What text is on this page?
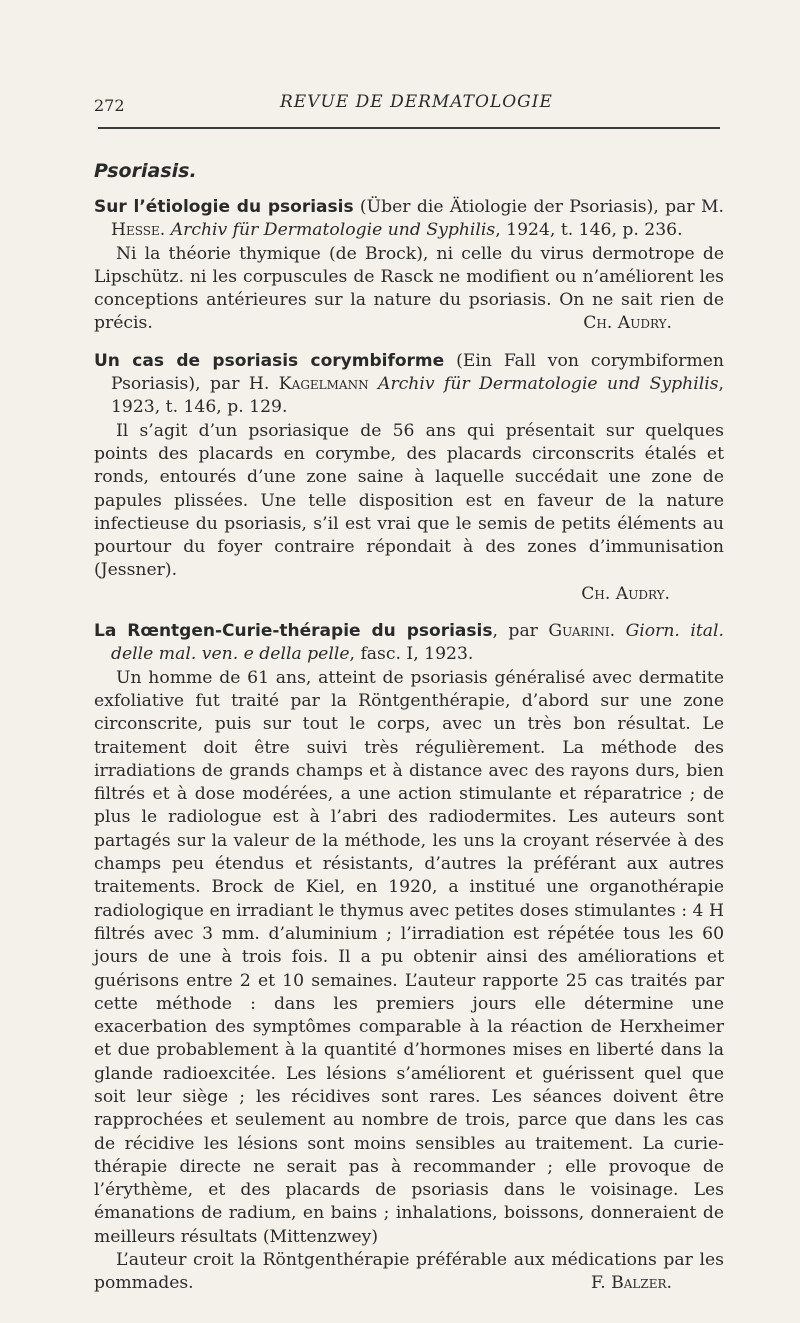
272	REVUE DE DERMATOLOGIE
Psoriasis.
Sur l’étiologie du psoriasis (Über die Ätiologie der Psoriasis), par M. Hesse. Archiv für Dermatologie und Syphilis, 1924, t. 146, p. 236.

Ni la théorie thymique (de Brock), ni celle du virus dermotrope de Lipschütz. ni les corpuscules de Rasck ne modifient ou n’améliorent les conceptions antérieures sur la nature du psoriasis. On ne sait rien de précis.	Ch. Audry.

Un cas de psoriasis corymbiforme (Ein Fall von corymbiformen Psoriasis), par H. Kagelmann Archiv für Dermatologie und Syphilis, 1923, t. 146, p. 129.

Il s’agit d’un psoriasique de 56 ans qui présentait sur quelques points des placards en corymbe, des placards circonscrits étalés et ronds, entourés d’une zone saine à laquelle succédait une zone de papules plissées. Une telle disposition est en faveur de la nature infectieuse du psoriasis, s’il est vrai que le semis de petits éléments au pourtour du foyer contraire répondait à des zones d’immunisation (Jessner).

Ch. Audry.
La Rœntgen-Curie-thérapie du psoriasis, par Guarini. Giorn. ital. delle mal. ven. e della pelle, fasc. I, 1923.

Un homme de 61 ans, atteint de psoriasis généralisé avec dermatite exfoliative fut traité par la Röntgenthérapie, d’abord sur une zone circonscrite, puis sur tout le corps, avec un très bon résultat. Le traitement doit être suivi très régulièrement. La méthode des irradiations de grands champs et à distance avec des rayons durs, bien filtrés et à dose modérées, a une action stimulante et réparatrice ; de plus le radiologue est à l’abri des radiodermites. Les auteurs sont partagés sur la valeur de la méthode, les uns la croyant réservée à des champs peu étendus et résistants, d’autres la préférant aux autres traitements. Brock de Kiel, en 1920, a institué une organothérapie radiologique en irradiant le thymus avec petites doses stimulantes : 4 H filtrés avec 3 mm. d’aluminium ; l’irradiation est répétée tous les 60 jours de une à trois fois. Il a pu obtenir ainsi des améliorations et guérisons entre 2 et 10 semaines. L’auteur rapporte 25 cas traités par cette méthode : dans les premiers jours elle détermine une exacerbation des symptômes comparable à la réaction de Herxheimer et due probablement à la quantité d’hormones mises en liberté dans la glande radioexcitée. Les lésions s’améliorent et guérissent quel que soit leur siège ; les récidives sont rares. Les séances doivent être rapprochées et seulement au nombre de trois, parce que dans les cas de récidive les lésions sont moins sensibles au traitement. La curie-thérapie directe ne serait pas à recommander ; elle provoque de l’érythème, et des placards de psoriasis dans le voisinage. Les émanations de radium, en bains ; inhalations, boissons, donneraient de meilleurs résultats (Mittenzwey)

L’auteur croit la Röntgenthérapie préférable aux médications par les pommades.	F. Balzer.
